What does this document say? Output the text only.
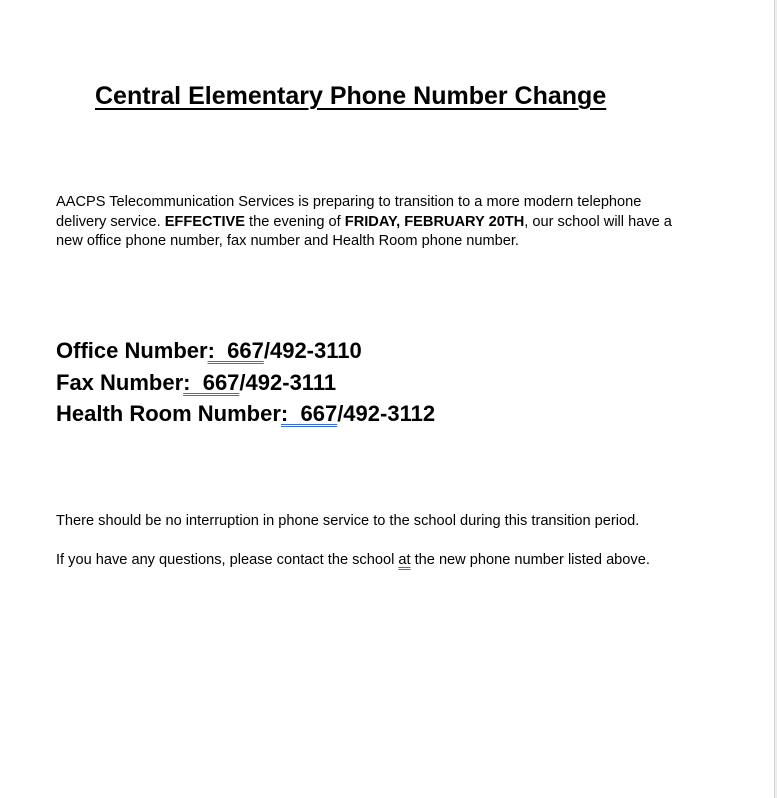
Central Elementary Phone Number Change

AACPS Telecommunication Services is preparing to transition to a more modern telephone delivery service. EFFECTIVE the evening of FRIDAY, FEBRUARY 20TH, our school will have a new office phone number, fax number and Health Room phone number.

Office Number:  667/492-3110
Fax Number:  667/492-3111
Health Room Number:  667/492-3112

There should be no interruption in phone service to the school during this transition period.

If you have any questions, please contact the school at the new phone number listed above.
